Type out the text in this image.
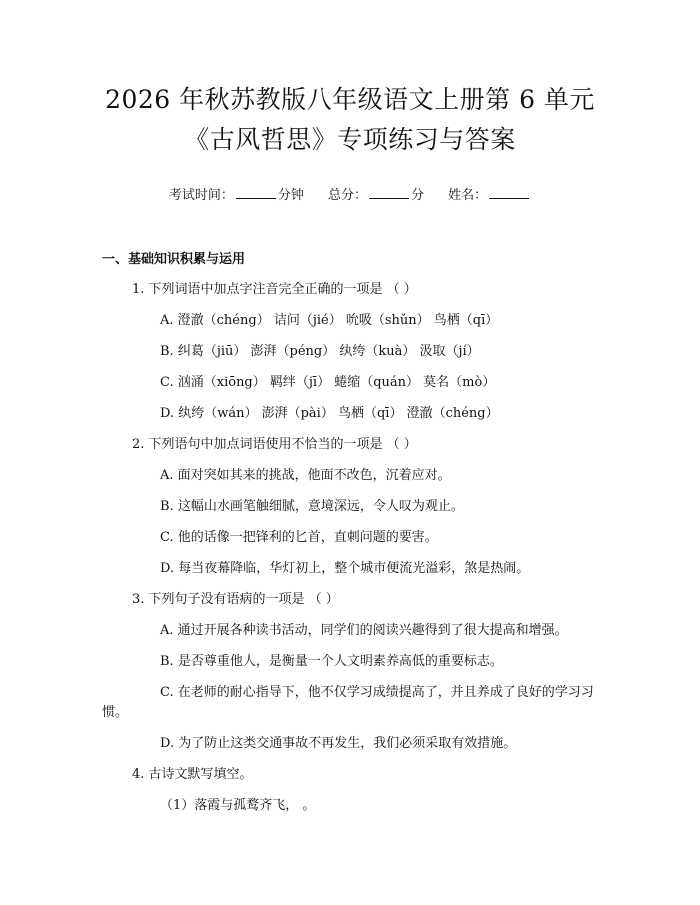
2026 年秋苏教版八年级语文上册第 6 单元
《古风哲思》专项练习与答案
考试时间：	分钟 总分：	分 姓名：
一、基础知识积累与运用
1. 下列词语中加点字注音完全正确的一项是 （ ）
A. 澄澈（chéng） 诘问（jié） 吮吸（shǔn） 鸟栖（qī）
B. 纠葛（jiū） 澎湃（péng） 纨绔（kuà） 汲取（jí）
C. 汹涌（xiōng） 羁绊（jī） 蜷缩（quán） 莫名（mò）
D. 纨绔（wán） 澎湃（pài） 鸟栖（qī） 澄澈（chéng）
2. 下列语句中加点词语使用不恰当的一项是 （ ）
A. 面对突如其来的挑战，他面不改色，沉着应对。
B. 这幅山水画笔触细腻，意境深远，令人叹为观止。
C. 他的话像一把锋利的匕首，直刺问题的要害。
D. 每当夜幕降临，华灯初上，整个城市便流光溢彩，煞是热闹。
3. 下列句子没有语病的一项是 （ ）
A. 通过开展各种读书活动，同学们的阅读兴趣得到了很大提高和增强。
B. 是否尊重他人，是衡量一个人文明素养高低的重要标志。
C. 在老师的耐心指导下，他不仅学习成绩提高了，并且养成了良好的学习习惯。
D. 为了防止这类交通事故不再发生，我们必须采取有效措施。
4. 古诗文默写填空。
（1）落霞与孤鹜齐飞， 。
